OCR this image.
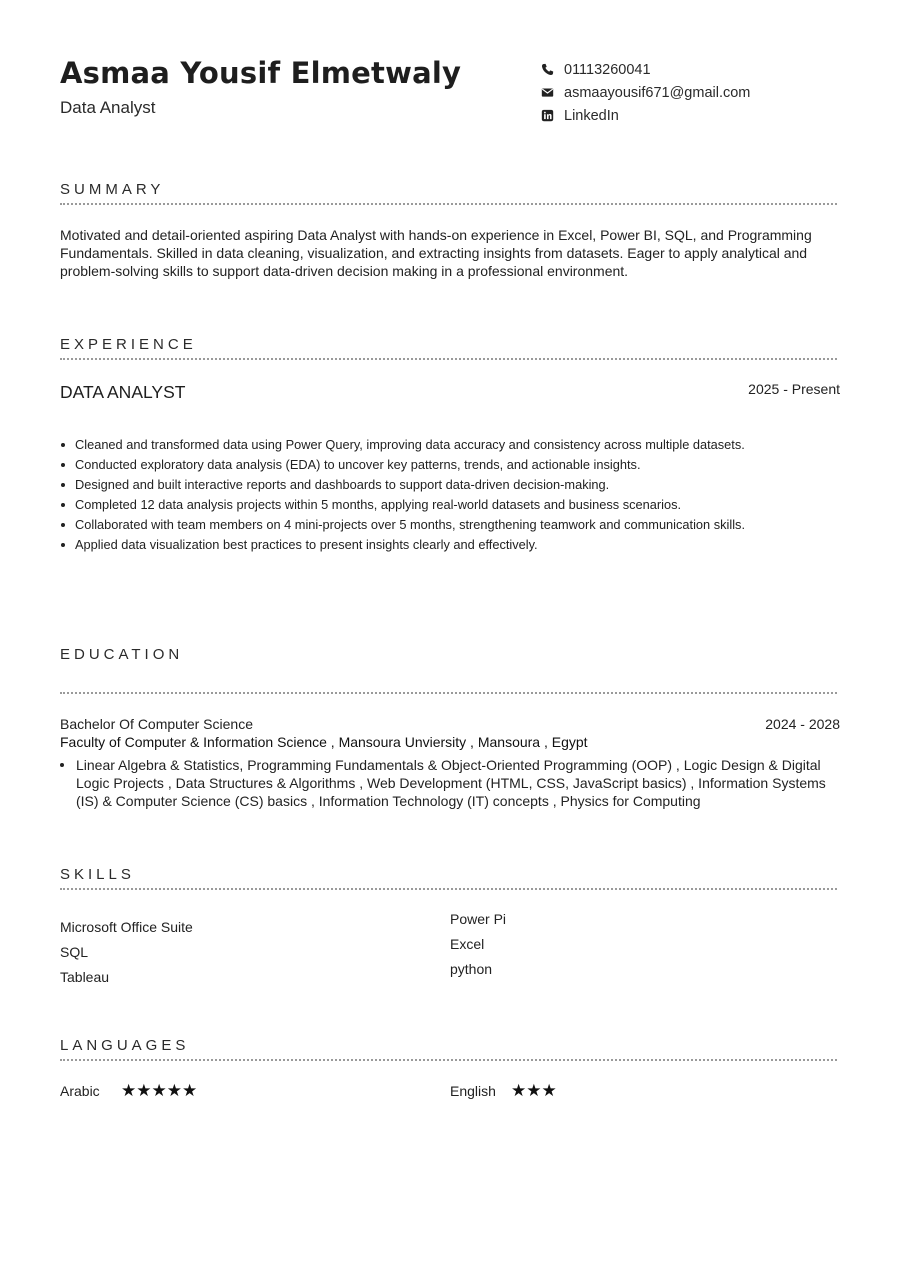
Asmaa Yousif Elmetwaly
Data Analyst
01113260041
asmaayousif671@gmail.com
LinkedIn
SUMMARY
Motivated and detail-oriented aspiring Data Analyst with hands-on experience in Excel, Power BI, SQL, and Programming Fundamentals. Skilled in data cleaning, visualization, and extracting insights from datasets. Eager to apply analytical and problem-solving skills to support data-driven decision making in a professional environment.
EXPERIENCE
DATA ANALYST	2025 - Present
Cleaned and transformed data using Power Query, improving data accuracy and consistency across multiple datasets.
Conducted exploratory data analysis (EDA) to uncover key patterns, trends, and actionable insights.
Designed and built interactive reports and dashboards to support data-driven decision-making.
Completed 12 data analysis projects within 5 months, applying real-world datasets and business scenarios.
Collaborated with team members on 4 mini-projects over 5 months, strengthening teamwork and communication skills.
Applied data visualization best practices to present insights clearly and effectively.
EDUCATION
Bachelor Of Computer Science	2024 - 2028
Faculty of Computer & Information Science , Mansoura Unviersity , Mansoura , Egypt
Linear Algebra & Statistics, Programming Fundamentals & Object-Oriented Programming (OOP) , Logic Design & Digital Logic Projects , Data Structures & Algorithms , Web Development (HTML, CSS, JavaScript basics) , Information Systems (IS) & Computer Science (CS) basics , Information Technology (IT) concepts , Physics for Computing
SKILLS
Microsoft Office Suite
SQL
Tableau
Power Pi
Excel
python
LANGUAGES
Arabic	★★★★★	English ★★★
